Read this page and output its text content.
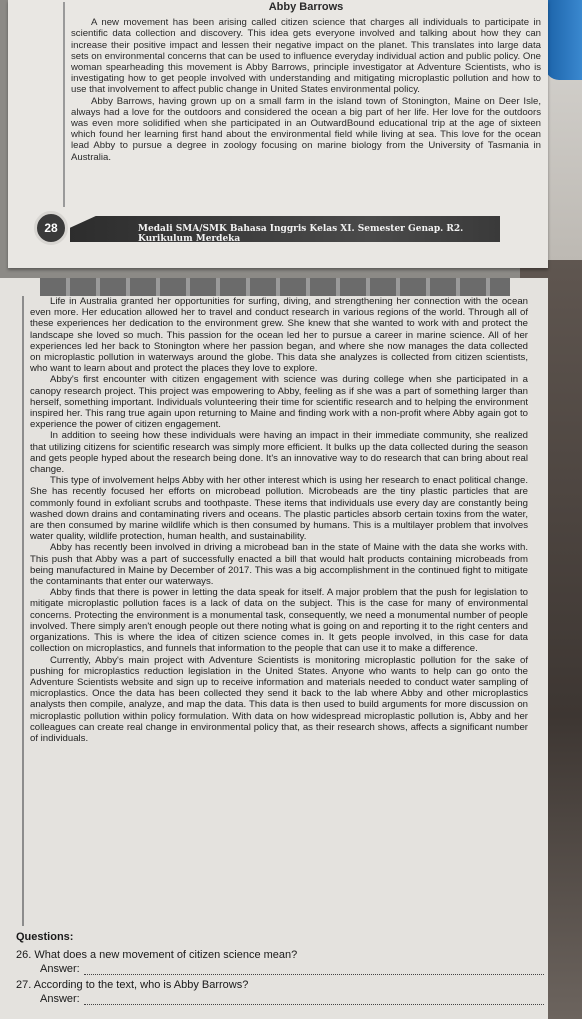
Abby Barrows

A new movement has been arising called citizen science that charges all individuals to participate in scientific data collection and discovery. This idea gets everyone involved and talking about how they can increase their positive impact and lessen their negative impact on the planet. This translates into large data sets on environmental concerns that can be used to influence everyday individual action and public policy. One woman spearheading this movement is Abby Barrows, principle investigator at Adventure Scientists, who is investigating how to get people involved with understanding and mitigating microplastic pollution and how to use that involvement to affect public change in United States environmental policy.

Abby Barrows, having grown up on a small farm in the island town of Stonington, Maine on Deer Isle, always had a love for the outdoors and considered the ocean a big part of her life. Her love for the outdoors was even more solidified when she participated in an OutwardBound educational trip at the age of sixteen which found her learning first hand about the environmental field while living at sea. This love for the ocean lead Abby to pursue a degree in zoology focusing on marine biology from the University of Tasmania in Australia.

28	Medali SMA/SMK Bahasa Inggris Kelas XI. Semester Genap. R2. Kurikulum Merdeka

Life in Australia granted her opportunities for surfing, diving, and strengthening her connection with the ocean even more. Her education allowed her to travel and conduct research in various regions of the world. Through all of these experiences her dedication to the environment grew. She knew that she wanted to work with and protect the landscape she loved so much. This passion for the ocean led her to pursue a career in marine science. All of her experiences led her back to Stonington where her passion began, and where she now manages the data collected on microplastic pollution in waterways around the globe. This data she analyzes is collected from citizen scientists, who want to learn about and protect the places they love to explore.

Abby's first encounter with citizen engagement with science was during college when she participated in a canopy research project. This project was empowering to Abby, feeling as if she was a part of something larger than herself, something important. Individuals volunteering their time for scientific research and to helping the environment inspired her. This rang true again upon returning to Maine and finding work with a non-profit where Abby again got to experience the power of citizen engagement.

In addition to seeing how these individuals were having an impact in their immediate community, she realized that utilizing citizens for scientific research was simply more efficient. It bulks up the data collected during the season and gets people hyped about the research being done. It's an innovative way to do research that can bring about real change.

This type of involvement helps Abby with her other interest which is using her research to enact political change. She has recently focused her efforts on microbead pollution. Microbeads are the tiny plastic particles that are commonly found in exfoliant scrubs and toothpaste. These items that individuals use every day are constantly being washed down drains and contaminating rivers and oceans. The plastic particles absorb certain toxins from the water, are then consumed by marine wildlife which is then consumed by humans. This is a multilayer problem that involves water quality, wildlife protection, human health, and sustainability.

Abby has recently been involved in driving a microbead ban in the state of Maine with the data she works with. This push that Abby was a part of successfully enacted a bill that would halt products containing microbeads from being manufactured in Maine by December of 2017. This was a big accomplishment in the continued fight to mitigate the contaminants that enter our waterways.

Abby finds that there is power in letting the data speak for itself. A major problem that the push for legislation to mitigate microplastic pollution faces is a lack of data on the subject. This is the case for many of environmental concerns. Protecting the environment is a monumental task, consequently, we need a monumental number of people involved. There simply aren't enough people out there noting what is going on and reporting it to the right centers and organizations. This is where the idea of citizen science comes in. It gets people involved, in this case for data collection on microplastics, and funnels that information to the people that can use it to make a difference.

Currently, Abby's main project with Adventure Scientists is monitoring microplastic pollution for the sake of pushing for microplastics reduction legislation in the United States. Anyone who wants to help can go onto the Adventure Scientists website and sign up to receive information and materials needed to conduct water sampling of microplastics. Once the data has been collected they send it back to the lab where Abby and other microplastics analysts then compile, analyze, and map the data. This data is then used to build arguments for more discussion on microplastic pollution within policy formulation. With data on how widespread microplastic pollution is, Abby and her colleagues can create real change in environmental policy that, as their research shows, affects a significant number of individuals.

Questions:
26. What does a new movement of citizen science mean?
Answer:
27. According to the text, who is Abby Barrows?
Answer:
